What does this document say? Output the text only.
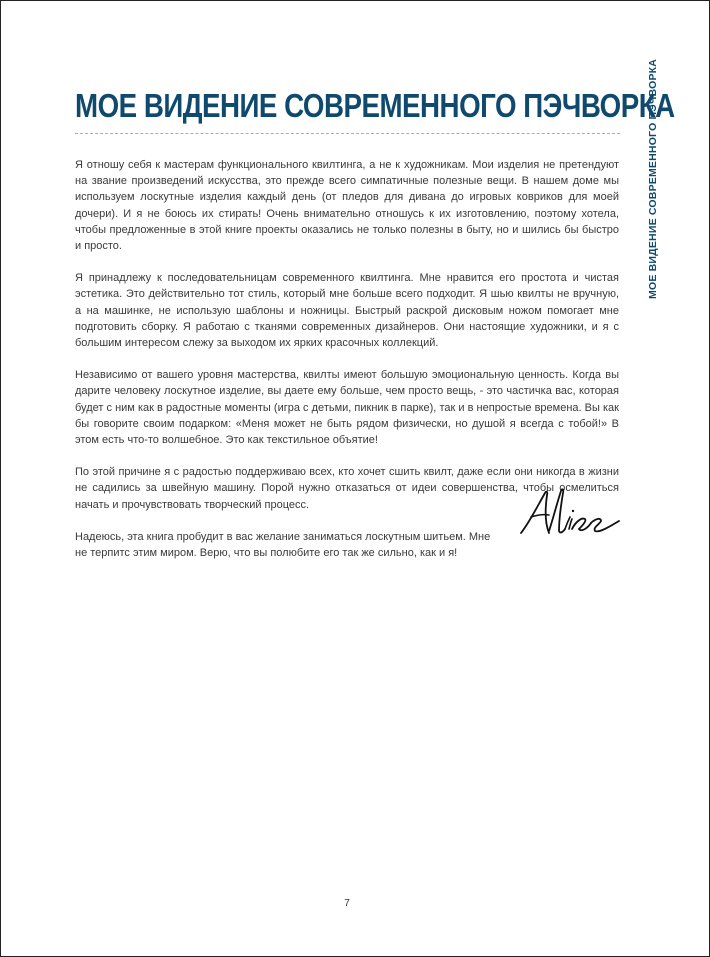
МОЕ ВИДЕНИЕ СОВРЕМЕННОГО ПЭЧВОРКА
МОЕ ВИДЕНИЕ СОВРЕМЕННОГО ПЭЧВОРКА

Я отношу себя к мастерам функционального квилтинга, а не к художникам. Мои изделия не претендуют на звание произведений искусства, это прежде всего симпатичные полезные вещи. В нашем доме мы используем лоскутные изделия каждый день (от пледов для дивана до игровых ковриков для моей дочери). И я не боюсь их стирать! Очень внимательно отношусь к их изготовлению, поэтому хотела, чтобы предложенные в этой книге проекты оказались не только полезны в быту, но и шились бы быстро и просто.

Я принадлежу к последовательницам современного квилтинга. Мне нравится его простота и чистая эстетика. Это действительно тот стиль, который мне больше всего подходит. Я шью квилты не вручную, а на машинке, не использую шаблоны и ножницы. Быстрый раскрой дисковым ножом помогает мне подготовить сборку. Я работаю с тканями современных дизайнеров. Они настоящие художники, и я с большим интересом слежу за выходом их ярких красочных коллекций.

Независимо от вашего уровня мастерства, квилты имеют большую эмоциональную ценность. Когда вы дарите человеку лоскутное изделие, вы даете ему больше, чем просто вещь, - это частичка вас, которая будет с ним как в радостные моменты (игра с детьми, пикник в парке), так и в непростые времена. Вы как бы говорите своим подарком: «Меня может не быть рядом физически, но душой я всегда с тобой!» В этом есть что-то волшебное. Это как текстильное объятие!

По этой причине я с радостью поддерживаю всех, кто хочет сшить квилт, даже если они никогда в жизни не садились за швейную машину. Порой нужно отказаться от идеи совершенства, чтобы осмелиться начать и прочувствовать творческий процесс.

Надеюсь, эта книга пробудит в вас желание заниматься лоскутным шитьем. Мне не терпитс этим миром. Верю, что вы полюбите его так же сильно, как и я!

7
